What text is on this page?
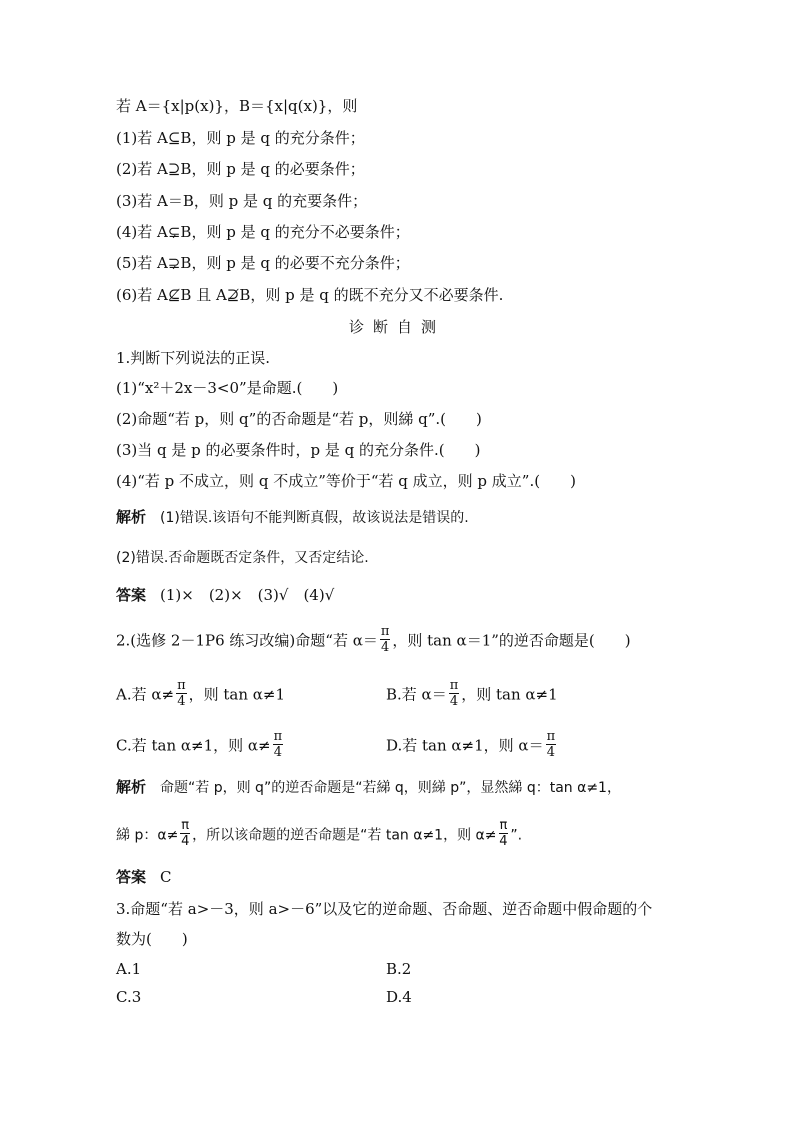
若 A＝{x|p(x)}，B＝{x|q(x)}，则
(1)若 A⊆B，则 p 是 q 的充分条件；
(2)若 A⊇B，则 p 是 q 的必要条件；
(3)若 A＝B，则 p 是 q 的充要条件；
(4)若 A⊊B，则 p 是 q 的充分不必要条件；
(5)若 A⊋B，则 p 是 q 的必要不充分条件；
(6)若 A⊈B 且 A⊉B，则 p 是 q 的既不充分又不必要条件.
诊断自测
1.判断下列说法的正误.
(1)“x²＋2x－3<0”是命题.(　　)
(2)命题“若 p，则 q”的否命题是“若 p，则綈 q”.(　　)
(3)当 q 是 p 的必要条件时，p 是 q 的充分条件.(　　)
(4)“若 p 不成立，则 q 不成立”等价于“若 q 成立，则 p 成立”.(　　)
解析 (1)错误.该语句不能判断真假，故该说法是错误的.
(2)错误.否命题既否定条件，又否定结论.
答案 (1)×　(2)×　(3)√　(4)√
2.(选修 2－1P6 练习改编)命题“若 $\alpha= \frac{\pi}{4}$ ，则 tan α＝1”的逆否命题是(　　)
A.若 $\alpha\ne \frac{\pi}{4}$ ，则 tan α≠1	B.若 $\alpha= \frac{\pi}{4}$ ，则 tan α≠1
C.若 tan α≠1，则 $\alpha\ne \frac{\pi}{4}$	D.若 tan α≠1，则 $\alpha= \frac{\pi}{4}$
解析 命题“若 p，则 q”的逆否命题是“若綈 q，则綈 p”，显然綈 q：tan α≠1，
綈 p：$\alpha\ne \frac{\pi}{4}$ ，所以该命题的逆否命题是“若 tan α≠1，则 $\alpha\ne \frac{\pi}{4}$ ”.
答案 C
3.命题“若 a>－3，则 a>－6”以及它的逆命题、否命题、逆否命题中假命题的个
数为(　　)
A.1	B.2
C.3	D.4
